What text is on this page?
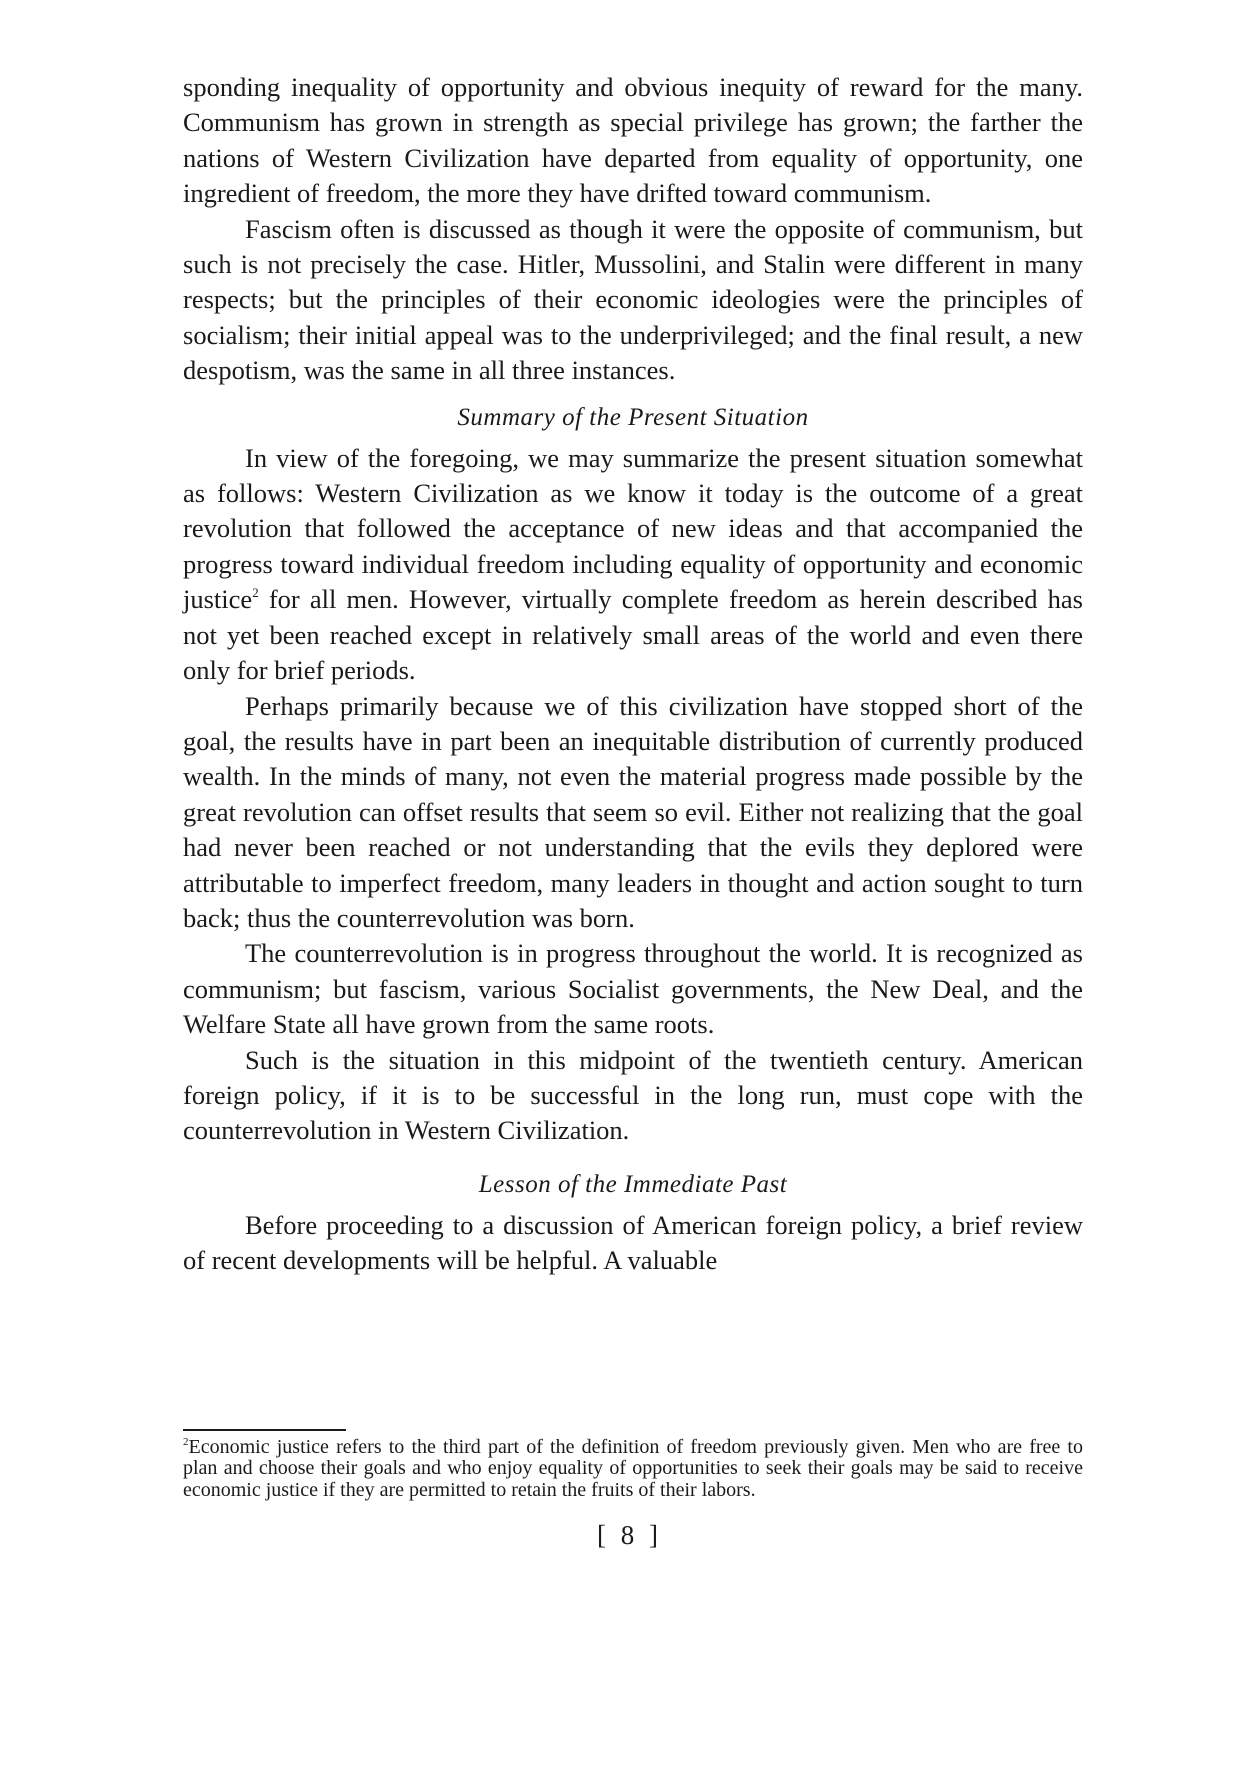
sponding inequality of opportunity and obvious inequity of reward for the many. Communism has grown in strength as special privilege has grown; the farther the nations of Western Civilization have departed from equality of opportunity, one ingredient of freedom, the more they have drifted toward communism.

Fascism often is discussed as though it were the opposite of communism, but such is not precisely the case. Hitler, Mussolini, and Stalin were different in many respects; but the principles of their economic ideologies were the principles of socialism; their initial appeal was to the underprivileged; and the final result, a new despotism, was the same in all three instances.

Summary of the Present Situation

In view of the foregoing, we may summarize the present situation somewhat as follows: Western Civilization as we know it today is the outcome of a great revolution that followed the acceptance of new ideas and that accompanied the progress toward individual freedom including equality of opportunity and economic justice$^2$ for all men. However, virtually complete freedom as herein described has not yet been reached except in relatively small areas of the world and even there only for brief periods.

Perhaps primarily because we of this civilization have stopped short of the goal, the results have in part been an inequitable distribution of currently produced wealth. In the minds of many, not even the material progress made possible by the great revolution can offset results that seem so evil. Either not realizing that the goal had never been reached or not understanding that the evils they deplored were attributable to imperfect freedom, many leaders in thought and action sought to turn back; thus the counterrevolution was born.

The counterrevolution is in progress throughout the world. It is recognized as communism; but fascism, various Socialist governments, the New Deal, and the Welfare State all have grown from the same roots.

Such is the situation in this midpoint of the twentieth century. American foreign policy, if it is to be successful in the long run, must cope with the counterrevolution in Western Civilization.

Lesson of the Immediate Past

Before proceeding to a discussion of American foreign policy, a brief review of recent developments will be helpful. A valuable

$^2$Economic justice refers to the third part of the definition of freedom previously given. Men who are free to plan and choose their goals and who enjoy equality of opportunities to seek their goals may be said to receive economic justice if they are permitted to retain the fruits of their labors.

[ 8 ]
